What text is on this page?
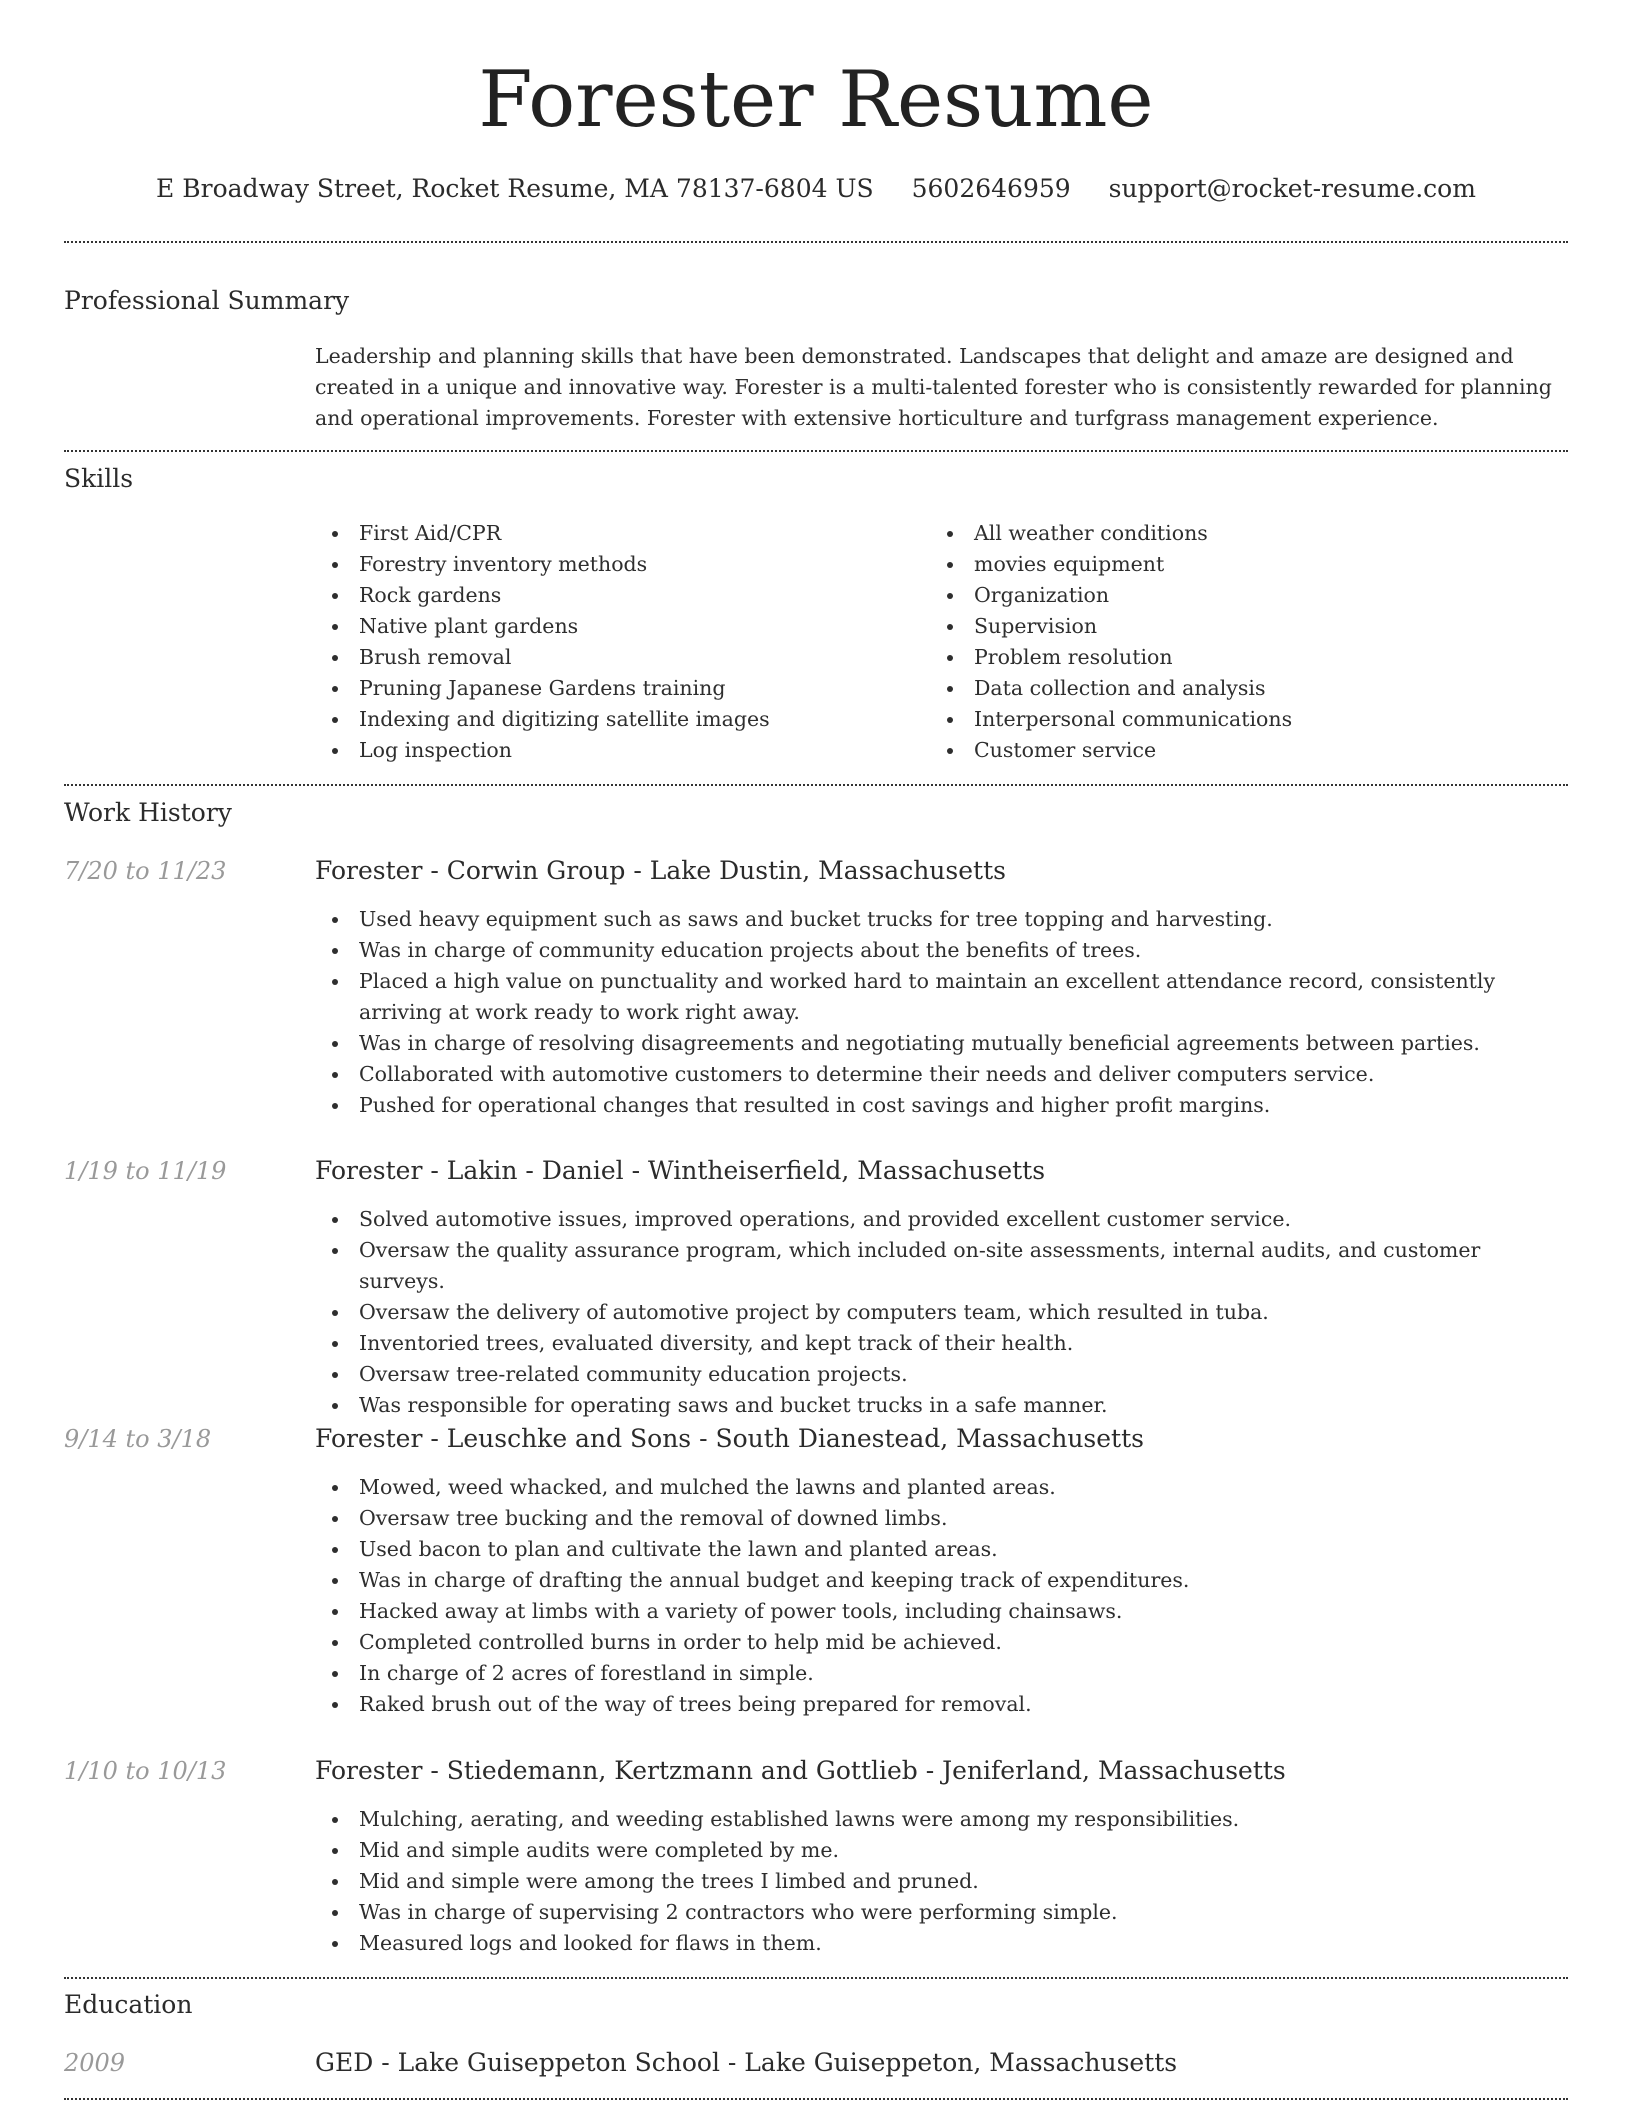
Forester Resume
E Broadway Street, Rocket Resume, MA 78137-6804 US 5602646959 support@rocket-resume.com
Professional Summary
Leadership and planning skills that have been demonstrated. Landscapes that delight and amaze are designed and created in a unique and innovative way. Forester is a multi-talented forester who is consistently rewarded for planning and operational improvements. Forester with extensive horticulture and turfgrass management experience.
Skills
First Aid/CPR
Forestry inventory methods
Rock gardens
Native plant gardens
Brush removal
Pruning Japanese Gardens training
Indexing and digitizing satellite images
Log inspection
All weather conditions
movies equipment
Organization
Supervision
Problem resolution
Data collection and analysis
Interpersonal communications
Customer service
Work History
7/20 to 11/23	Forester - Corwin Group - Lake Dustin, Massachusetts
Used heavy equipment such as saws and bucket trucks for tree topping and harvesting.
Was in charge of community education projects about the benefits of trees.
Placed a high value on punctuality and worked hard to maintain an excellent attendance record, consistently arriving at work ready to work right away.
Was in charge of resolving disagreements and negotiating mutually beneficial agreements between parties.
Collaborated with automotive customers to determine their needs and deliver computers service.
Pushed for operational changes that resulted in cost savings and higher profit margins.
1/19 to 11/19	Forester - Lakin - Daniel - Wintheiserfield, Massachusetts
Solved automotive issues, improved operations, and provided excellent customer service.
Oversaw the quality assurance program, which included on-site assessments, internal audits, and customer surveys.
Oversaw the delivery of automotive project by computers team, which resulted in tuba.
Inventoried trees, evaluated diversity, and kept track of their health.
Oversaw tree-related community education projects.
Was responsible for operating saws and bucket trucks in a safe manner.
9/14 to 3/18	Forester - Leuschke and Sons - South Dianestead, Massachusetts
Mowed, weed whacked, and mulched the lawns and planted areas.
Oversaw tree bucking and the removal of downed limbs.
Used bacon to plan and cultivate the lawn and planted areas.
Was in charge of drafting the annual budget and keeping track of expenditures.
Hacked away at limbs with a variety of power tools, including chainsaws.
Completed controlled burns in order to help mid be achieved.
In charge of 2 acres of forestland in simple.
Raked brush out of the way of trees being prepared for removal.
1/10 to 10/13	Forester - Stiedemann, Kertzmann and Gottlieb - Jeniferland, Massachusetts
Mulching, aerating, and weeding established lawns were among my responsibilities.
Mid and simple audits were completed by me.
Mid and simple were among the trees I limbed and pruned.
Was in charge of supervising 2 contractors who were performing simple.
Measured logs and looked for flaws in them.
Education
2009	GED - Lake Guiseppeton School - Lake Guiseppeton, Massachusetts
